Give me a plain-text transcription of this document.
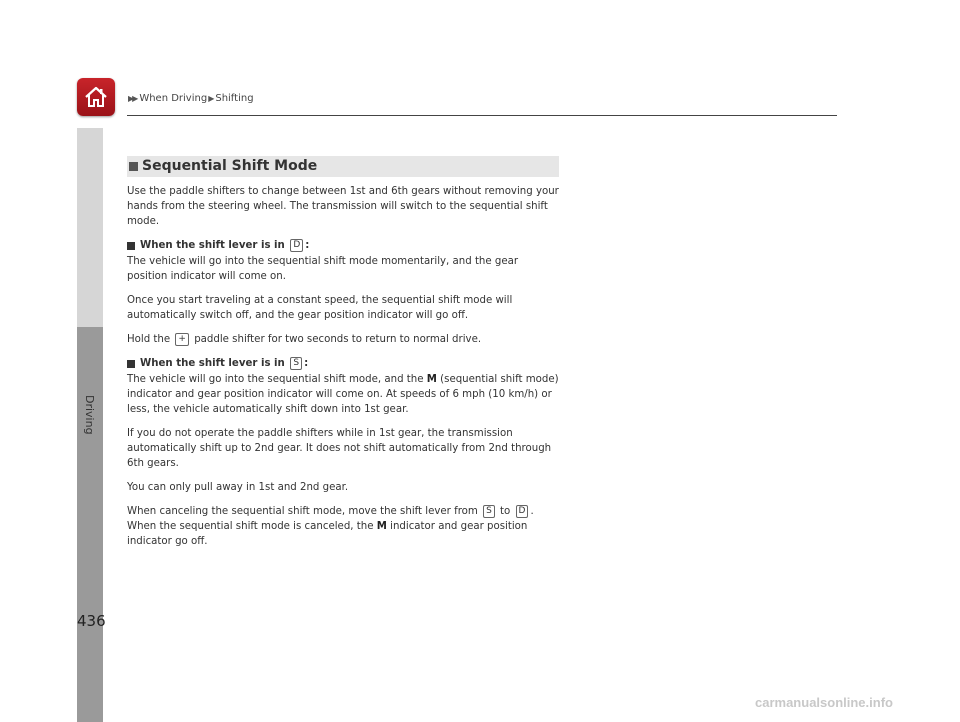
▶▶ When Driving ▶ Shifting
Driving
Sequential Shift Mode

Use the paddle shifters to change between 1st and 6th gears without removing your hands from the steering wheel. The transmission will switch to the sequential shift mode.

When the shift lever is in
D :

The vehicle will go into the sequential shift mode momentarily, and the gear position indicator will come on.

Once you start traveling at a constant speed, the sequential shift mode will automatically switch off, and the gear position indicator will go off.

Hold the + paddle shifter for two seconds to return to normal drive.

When the shift lever is in
S :

The vehicle will go into the sequential shift mode, and the M (sequential shift mode) indicator and gear position indicator will come on. At speeds of 6 mph (10 km/h) or less, the vehicle automatically shift down into 1st gear.

If you do not operate the paddle shifters while in 1st gear, the transmission automatically shift up to 2nd gear. It does not shift automatically from 2nd through 6th gears.

You can only pull away in 1st and 2nd gear.

When canceling the sequential shift mode, move the shift lever from S to D . When the sequential shift mode is canceled, the M indicator and gear position indicator go off.

436
carmanualsonline.info
